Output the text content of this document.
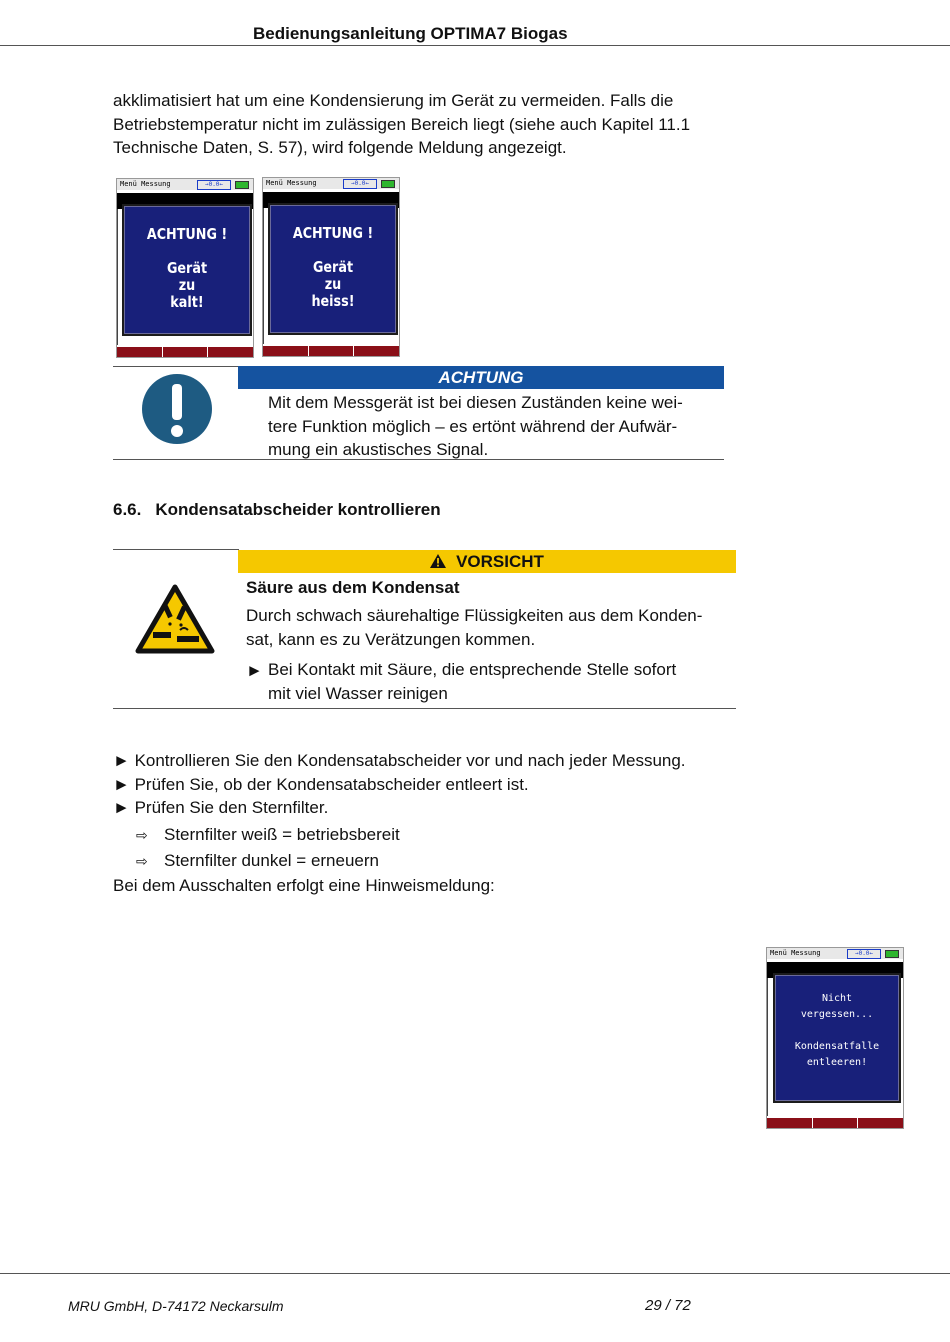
Bedienungsanleitung OPTIMA7 Biogas
akklimatisiert hat um eine Kondensierung im Gerät zu vermeiden. Falls die
Betriebstemperatur nicht im zulässigen Bereich liegt (siehe auch Kapitel 11.1
Technische Daten, S. 57), wird folgende Meldung angezeigt.
Menü Messung	→0.0←
ACHTUNG !
Gerät
zu
kalt!
Menü Messung	→0.0←
ACHTUNG !
Gerät
zu
heiss!
ACHTUNG
Mit dem Messgerät ist bei diesen Zuständen keine wei-
tere Funktion möglich – es ertönt während der Aufwär-
mung ein akustisches Signal.
6.6. Kondensatabscheider kontrollieren
VORSICHT
Säure aus dem Kondensat
Durch schwach säurehaltige Flüssigkeiten aus dem Konden-
sat, kann es zu Verätzungen kommen.
► Bei Kontakt mit Säure, die entsprechende Stelle sofort
mit viel Wasser reinigen
► Kontrollieren Sie den Kondensatabscheider vor und nach jeder Messung.
► Prüfen Sie, ob der Kondensatabscheider entleert ist.
► Prüfen Sie den Sternfilter.
⇨ Sternfilter weiß = betriebsbereit
⇨ Sternfilter dunkel = erneuern
Bei dem Ausschalten erfolgt eine Hinweismeldung:
Menü Messung	→0.0←
Nicht
vergessen...
Kondensatfalle
entleeren!
MRU GmbH, D-74172 Neckarsulm	29 / 72
